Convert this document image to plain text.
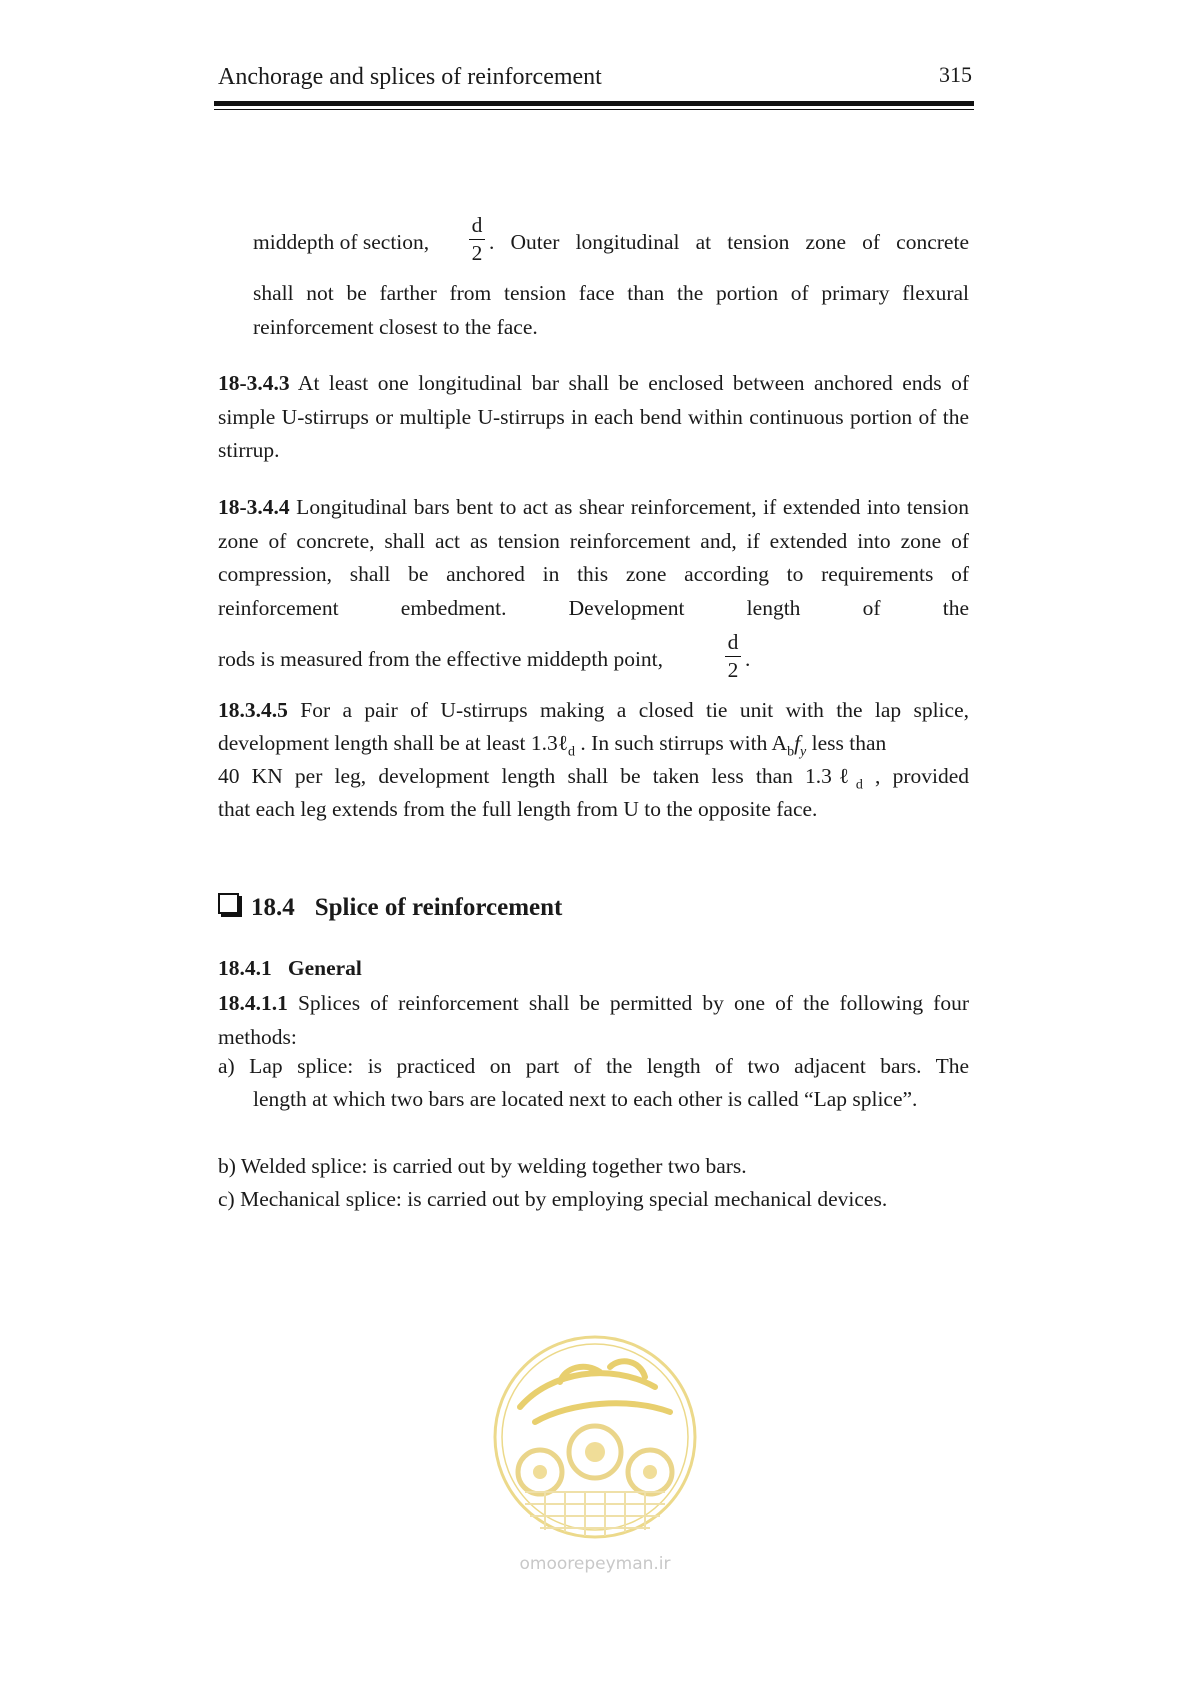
Anchorage and splices of reinforcement	315
middepth of section,
d
2 . Outer longitudinal at tension zone of concrete
shall not be farther from tension face than the portion of primary flexural reinforcement closest to the face.
18-3.4.3 At least one longitudinal bar shall be enclosed between anchored ends of simple U-stirrups or multiple U-stirrups in each bend within continuous portion of the stirrup.
18-3.4.4 Longitudinal bars bent to act as shear reinforcement, if extended into tension zone of concrete, shall act as tension reinforcement and, if extended into zone of compression, shall be anchored in this zone according to requirements of reinforcement embedment. Development length of the
rods is measured from the effective middepth point,
d
2 .
18.3.4.5 For a pair of U-stirrups making a closed tie unit with the lap splice,
development length shall be at least 1.3ℓ$_d$ . In such stirrups with $A_bf_y$ less than
40 KN per leg, development length shall be taken less than 1.3ℓ$_d$ , provided
that each leg extends from the full length from U to the opposite face.
18.4 Splice of reinforcement
18.4.1   General
18.4.1.1 Splices of reinforcement shall be permitted by one of the following four methods:
a) Lap splice: is practiced on part of the length of two adjacent bars. The
length at which two bars are located next to each other is called “Lap splice”.
b) Welded splice: is carried out by welding together two bars.
c) Mechanical splice: is carried out by employing special mechanical devices.
omoorepeyman.ir
